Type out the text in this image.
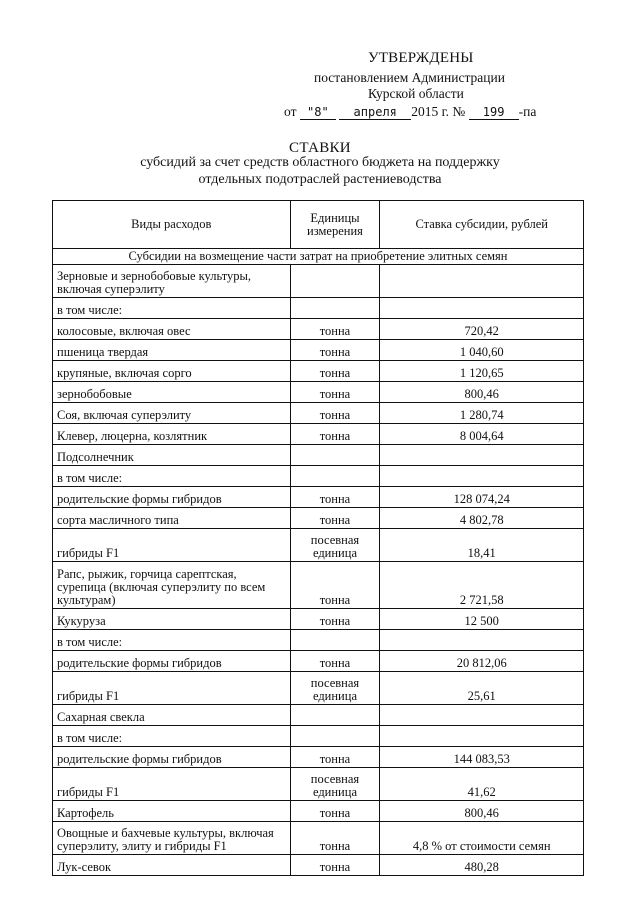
УТВЕРЖДЕНЫ
постановлением Администрации
Курской области
от "8" апреля 2015 г. № 199 -па
СТАВКИ
субсидий за счет средств областного бюджета на поддержку
отдельных подотраслей растениеводства
Виды расходов	Единицы измерения	Ставка субсидии, рублей
Субсидии на возмещение части затрат на приобретение элитных семян		
Зерновые и зернобобовые культуры, включая суперэлиту		
в том числе:		
колосовые, включая овес	тонна	720,42
пшеница твердая	тонна	1 040,60
крупяные, включая сорго	тонна	1 120,65
зернобобовые	тонна	800,46
Соя, включая суперэлиту	тонна	1 280,74
Клевер, люцерна, козлятник	тонна	8 004,64
Подсолнечник		
в том числе:		
родительские формы гибридов	тонна	128 074,24
сорта масличного типа	тонна	4 802,78
гибриды F1	посевная единица	18,41
Рапс, рыжик, горчица сарептская, сурепица (включая суперэлиту по всем культурам)	тонна	2 721,58
Кукуруза	тонна	12 500
в том числе:		
родительские формы гибридов	тонна	20 812,06
гибриды F1	посевная единица	25,61
Сахарная свекла		
в том числе:		
родительские формы гибридов	тонна	144 083,53
гибриды F1	посевная единица	41,62
Картофель	тонна	800,46
Овощные и бахчевые культуры, включая суперэлиту, элиту и гибриды F1	тонна	4,8 % от стоимости семян
Лук-севок	тонна	480,28
